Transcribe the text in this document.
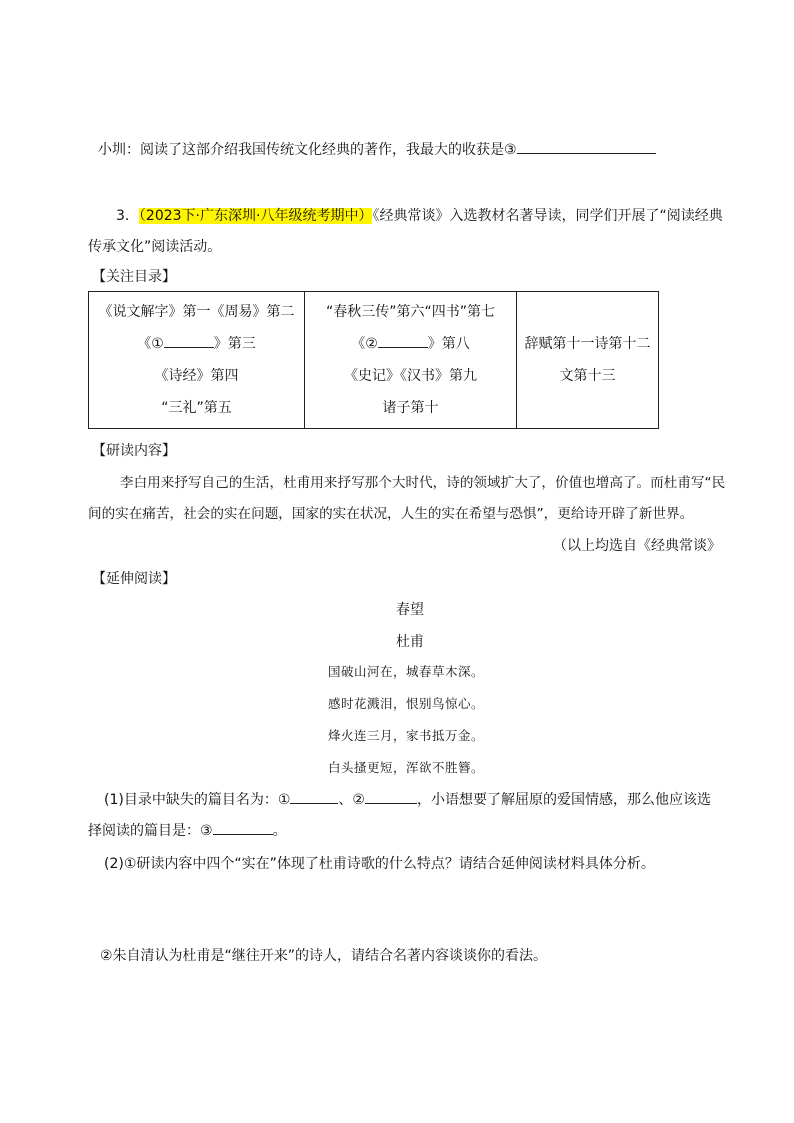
小圳：阅读了这部介绍我国传统文化经典的著作，我最大的收获是③
3．（2023下·广东深圳·八年级统考期中）《经典常谈》入选教材名著导读，同学们开展了“阅读经典
传承文化”阅读活动。
【关注目录】
《说文解字》第一《周易》第二
《①	》第三
《诗经》第四
“三礼”第五

“春秋三传”第六“四书”第七
《②	》第八
《史记》《汉书》第九
诸子第十

辞赋第十一诗第十二
文第十三
【研读内容】
李白用来抒写自己的生活，杜甫用来抒写那个大时代，诗的领域扩大了，价值也增高了。而杜甫写“民
间的实在痛苦，社会的实在问题，国家的实在状况，人生的实在希望与恐惧”，更给诗开辟了新世界。
（以上均选自《经典常谈》
【延伸阅读】
春望
杜甫
国破山河在，城春草木深。
感时花溅泪，恨别鸟惊心。
烽火连三月，家书抵万金。
白头搔更短，浑欲不胜簪。
(1)目录中缺失的篇目名为：①	、②	，小语想要了解屈原的爱国情感，那么他应该选
择阅读的篇目是：③	。
(2)①研读内容中四个“实在”体现了杜甫诗歌的什么特点？请结合延伸阅读材料具体分析。
②朱自清认为杜甫是“继往开来”的诗人，请结合名著内容谈谈你的看法。
